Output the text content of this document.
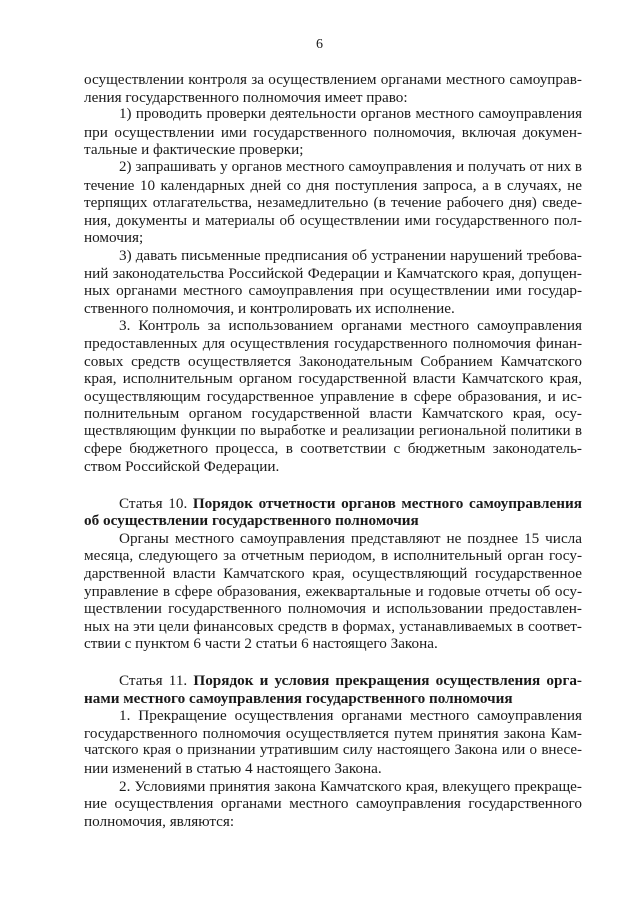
6
осуществлении контроля за осуществлением органами местного самоуправ-
ления государственного полномочия имеет право:
1) проводить проверки деятельности органов местного самоуправления
при осуществлении ими государственного полномочия, включая докумен-
тальные и фактические проверки;
2) запрашивать у органов местного самоуправления и получать от них в
течение 10 календарных дней со дня поступления запроса, а в случаях, не
терпящих отлагательства, незамедлительно (в течение рабочего дня) сведе-
ния, документы и материалы об осуществлении ими государственного пол-
номочия;
3) давать письменные предписания об устранении нарушений требова-
ний законодательства Российской Федерации и Камчатского края, допущен-
ных органами местного самоуправления при осуществлении ими государ-
ственного полномочия, и контролировать их исполнение.
3. Контроль за использованием органами местного самоуправления
предоставленных для осуществления государственного полномочия финан-
совых средств осуществляется Законодательным Собранием Камчатского
края, исполнительным органом государственной власти Камчатского края,
осуществляющим государственное управление в сфере образования, и ис-
полнительным органом государственной власти Камчатского края, осу-
ществляющим функции по выработке и реализации региональной политики в
сфере бюджетного процесса, в соответствии с бюджетным законодатель-
ством Российской Федерации.
Статья 10. Порядок отчетности органов местного самоуправления
об осуществлении государственного полномочия
Органы местного самоуправления представляют не позднее 15 числа
месяца, следующего за отчетным периодом, в исполнительный орган госу-
дарственной власти Камчатского края, осуществляющий государственное
управление в сфере образования, ежеквартальные и годовые отчеты об осу-
ществлении государственного полномочия и использовании предоставлен-
ных на эти цели финансовых средств в формах, устанавливаемых в соответ-
ствии с пунктом 6 части 2 статьи 6 настоящего Закона.
Статья 11. Порядок и условия прекращения осуществления орга-
нами местного самоуправления государственного полномочия
1. Прекращение осуществления органами местного самоуправления
государственного полномочия осуществляется путем принятия закона Кам-
чатского края о признании утратившим силу настоящего Закона или о внесе-
нии изменений в статью 4 настоящего Закона.
2. Условиями принятия закона Камчатского края, влекущего прекраще-
ние осуществления органами местного самоуправления государственного
полномочия, являются:
